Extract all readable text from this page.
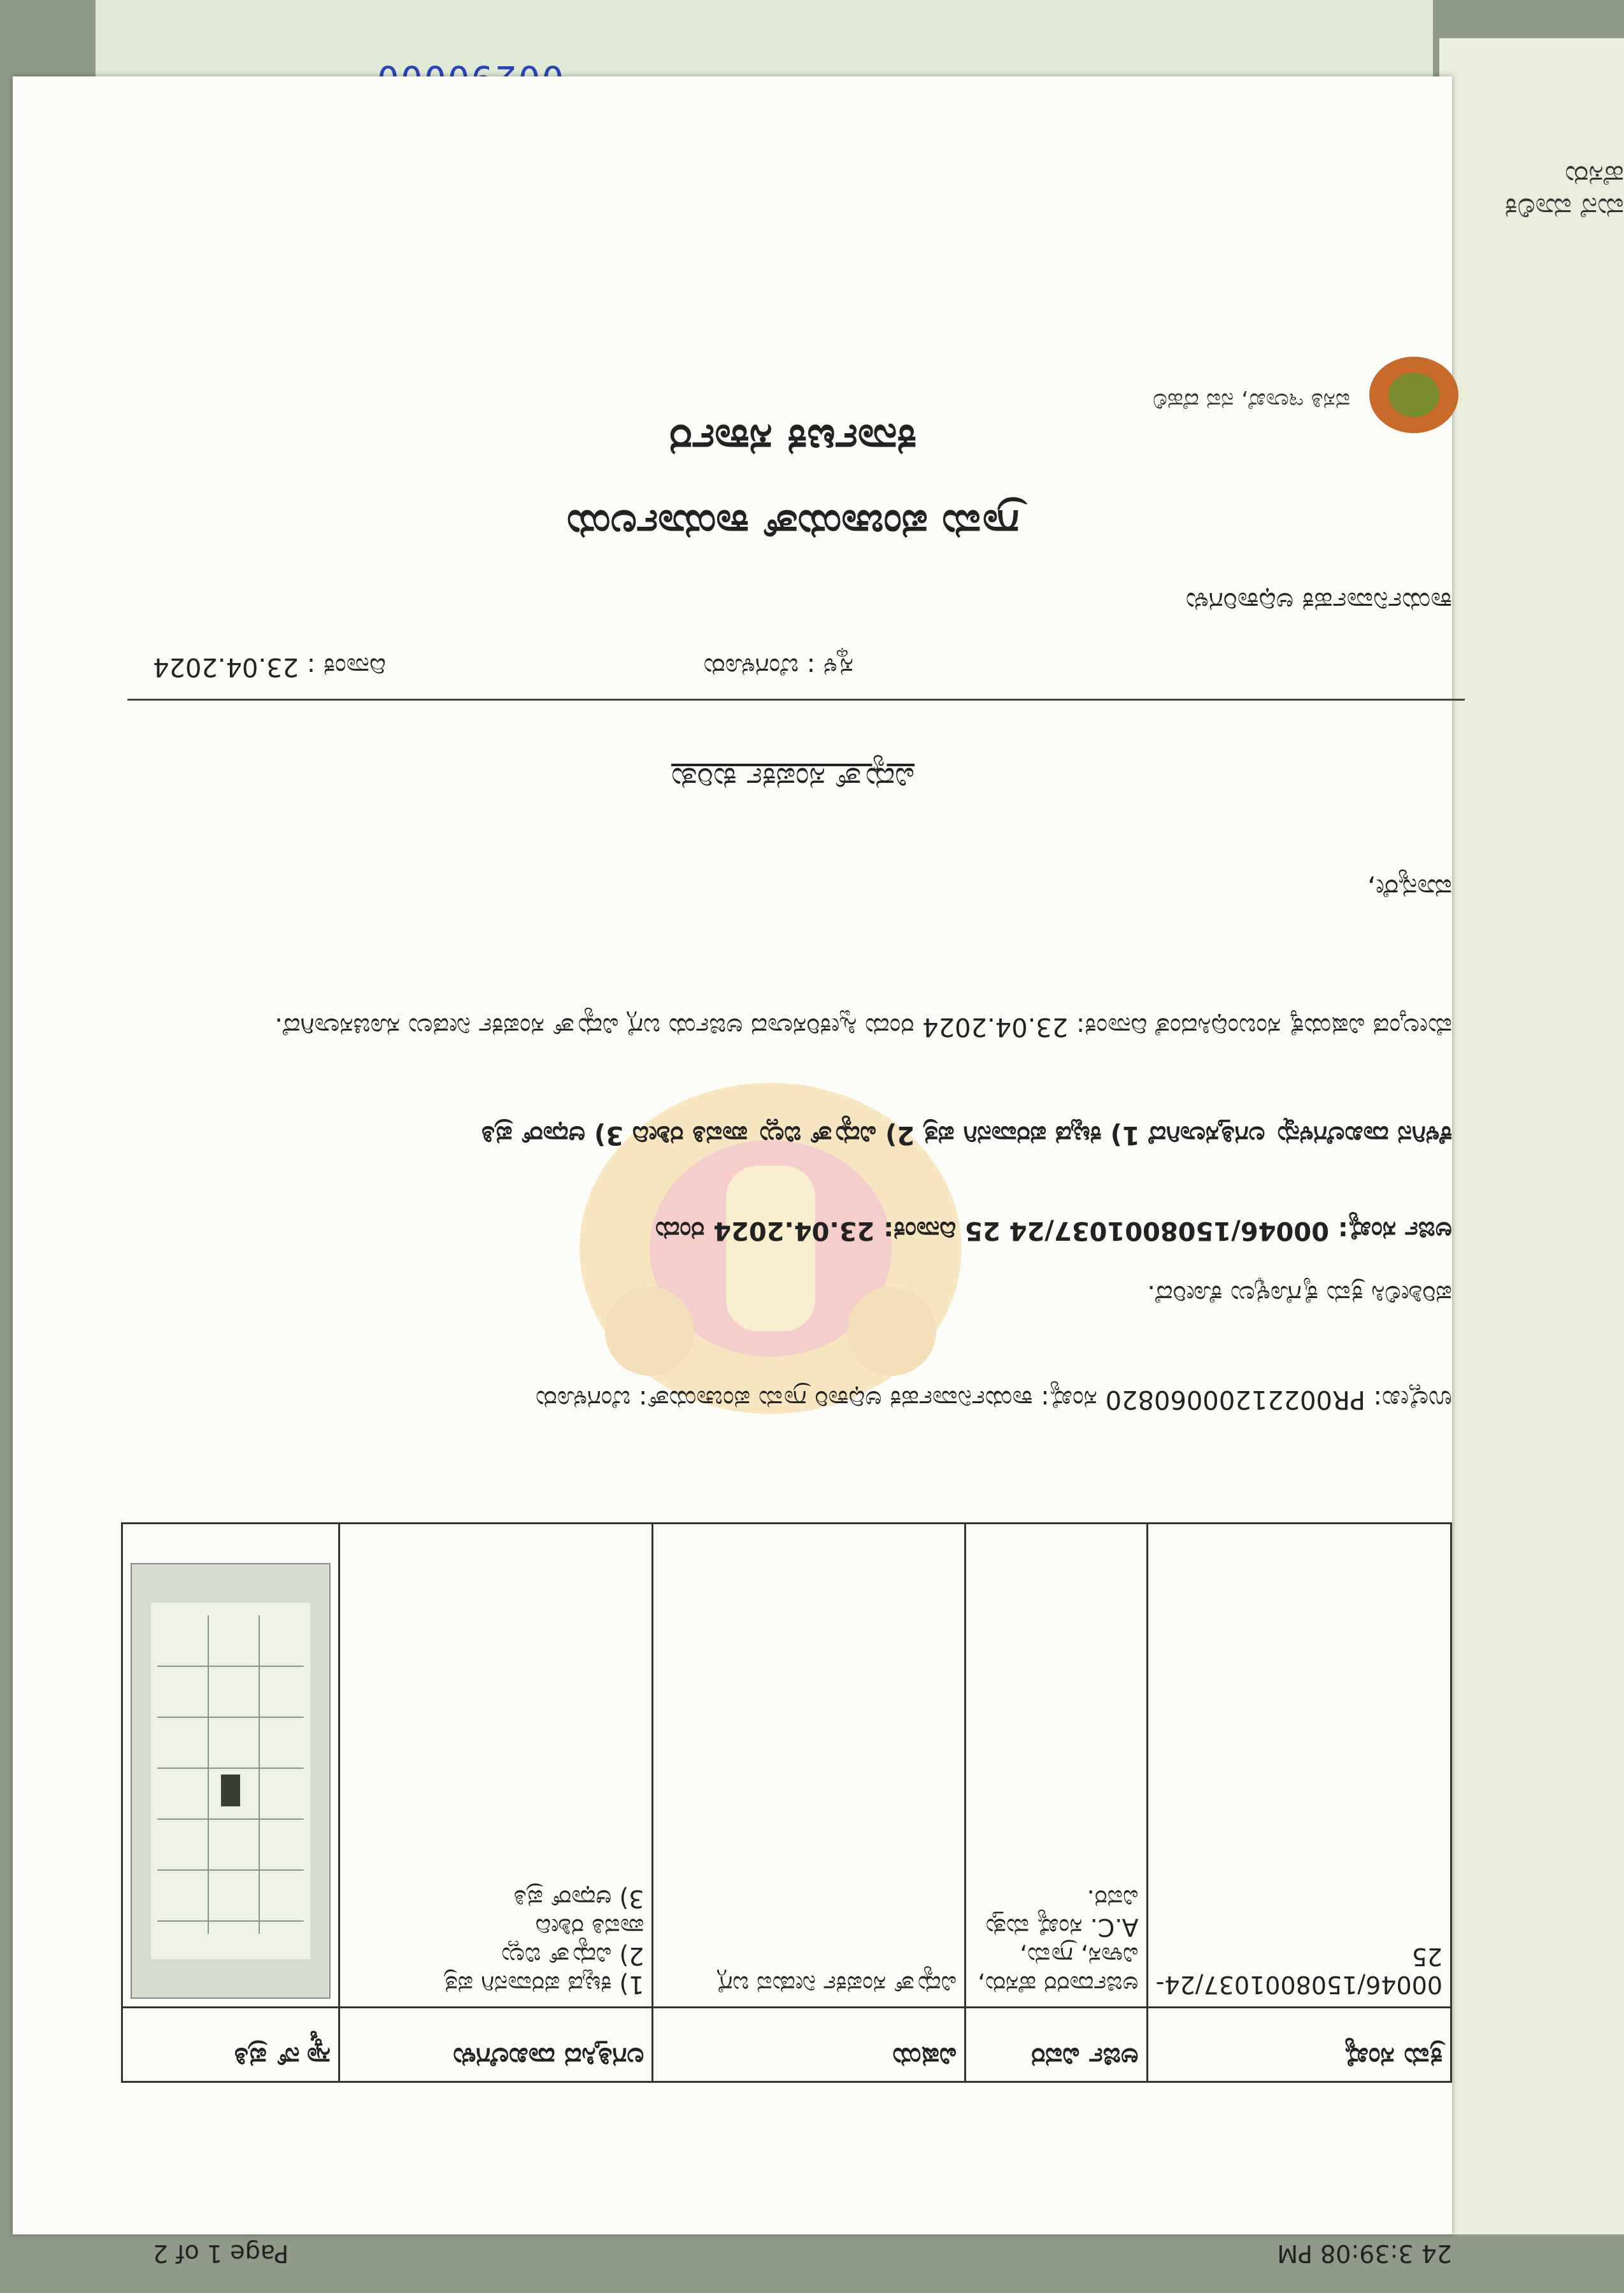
ಮನೆ ಮಾಲಿಕ ಹೆಸರು
ವಸತಿ ಇಲಾಖೆ, ನವ ದೆಹಲಿ
ಕರ್ನಾಟಕ ಸರ್ಕಾರ
ಗ್ರಾಮ ಪಂಚಾಯತ್ ಕಾರ್ಯಾಲಯ
ಕಾರ್ಯನಿರ್ವಾಹಕ ಅಧಿಕಾರಿಗಳು
ಸ್ಥಳ : ಬೆಂಗಳೂರು
ದಿನಾಂಕ : 23.04.2024
ವಿದ್ಯುತ್ ಸಂಪರ್ಕ ಕುರಿತು
ಮಾನ್ಯರೇ,
ಮೇಲ್ಕಂಡ ವಿಷಯಕ್ಕೆ ಸಂಬಂಧಿಸಿದಂತೆ ದಿನಾಂಕ: 23.04.2024 ರಂದು ಸ್ವೀಕರಿಸಲಾದ ಅರ್ಜಿಯ ಬಗ್ಗೆ ವಿದ್ಯುತ್ ಸಂಪರ್ಕ ನೀಡಲು ಸೂಚಿಸಲಾಗಿದೆ.
ಕೆಳಗಿನ ದಾಖಲೆಗಳನ್ನು ಲಗತ್ತಿಸಲಾಗಿದೆ 1) ಕಟ್ಟಡ ಪರವಾನಗಿ ಪತ್ರ 2) ವಿದ್ಯುತ್ ಬಿಲ್ಲು ಪಾವತಿ ರಶೀದಿ 3) ಆಧಾರ್ ಪ್ರತಿ
ಅರ್ಜಿ ಸಂಖ್ಯೆ: 00046/1508001037/24 25 ದಿನಾಂಕ: 23.04.2024 ರಂದು
ಪರಿಶೀಲಿಸಿ ಕ್ರಮ ಕೈಗೊಳ್ಳಲು ಕೋರಿದೆ.
ಉಲ್ಲೇಖ: PR00221200060820 ಸಂಖ್ಯೆ: ಕಾರ್ಯನಿರ್ವಾಹಕ ಅಧಿಕಾರಿ ಗ್ರಾಮ ಪಂಚಾಯತ್: ಬೆಂಗಳೂರು
ಕ್ರಮ ಸಂಖ್ಯೆ	ಅರ್ಜಿ ವಿವರ	ವಿಷಯ	ಲಗತ್ತಿಸಿದ ದಾಖಲೆಗಳು	ಸ್ಕ್ಯಾನ್ ಪ್ರತಿ
00046/1508001037/24-25	ಅರ್ಜಿದಾರರ ಹೆಸರು, ವಿಳಾಸ, ಗ್ರಾಮ, A.C. ಸಂಖ್ಯೆ ಮತ್ತು ವಿವರ.	ವಿದ್ಯುತ್ ಸಂಪರ್ಕ ನೀಡುವ ಬಗ್ಗೆ	1) ಕಟ್ಟಡ ಪರವಾನಗಿ ಪತ್ರ
2) ವಿದ್ಯುತ್ ಬಿಲ್ಲು
ಪಾವತಿ ರಶೀದಿ
3) ಆಧಾರ್ ಪ್ರತಿ	
24 3:39:08 PM
Page 1 of 2
